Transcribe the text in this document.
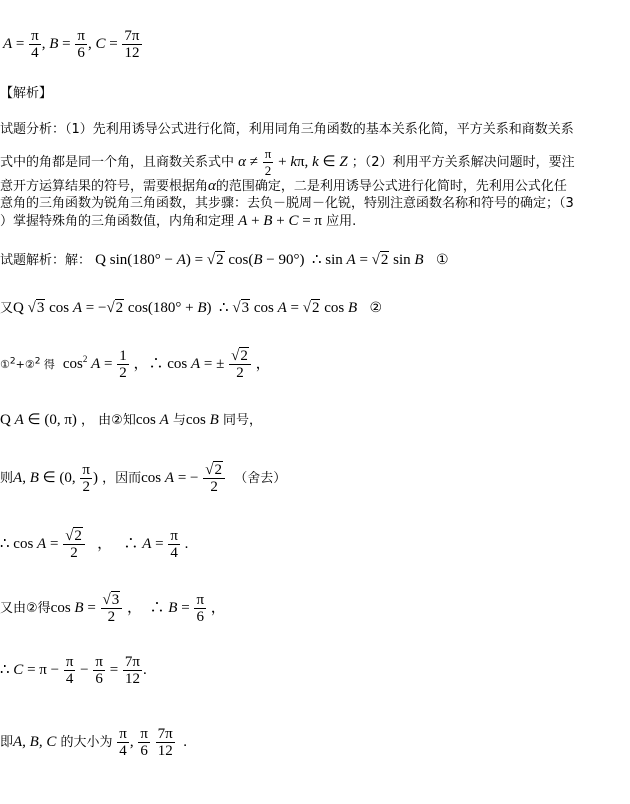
$A = \frac{\pi}{4}$ , $B = \frac{\pi}{6}$ , $C = \frac{7\pi}{12}$
【解析】
试题分析：（1）先利用诱导公式进行化简，利用同角三角函数的基本关系化简，平方关系和商数关系
式中的角都是同一个角，且商数关系式中 $\alpha \ne \frac{\pi}{2} + k\pi$, k ∈ Z ；（2）利用平方关系解决问题时，要注
意开方运算结果的符号，需要根据角α的范围确定，二是利用诱导公式进行化简时，先利用公式化任
意角的三角函数为锐角三角函数，其步骤：去负－脱周－化锐，特别注意函数名称和符号的确定；（3
）掌握特殊角的三角函数值，内角和定理 A + B + C = π 应用.
试题解析：解： Q sin(180° − A) = √2 cos(B − 90°)  ∴ sin A = √2 sin B ①
又Q √3 cos A = −√2 cos(180° + B)  ∴ √3 cos A = √2 cos B ②
①$^2$+②$^2$ 得  $\cos^2 A = \frac{1}{2}$ ，∴ cos A = ± $\frac{√2}{2}$ ，
Q A ∈ (0, π) ， 由②知cos A 与cos B 同号，
则A, B ∈ (0, $\frac{\pi}{2}$ ) ，因而cos A = − $\frac{√2}{2}$ （舍去）
∴ $\cos A = \frac{√2}{2}$ ，   ∴ $A = \frac{\pi}{4}$ .
又由②得$\cos B = \frac{√3}{2}$ ，  ∴ $B = \frac{\pi}{6}$ ，
∴ $C = \pi - \frac{\pi}{4} - \frac{\pi}{6} = \frac{7\pi}{12}$ .
即A, B, C 的大小为 $\frac{\pi}{4}$ , $\frac{\pi}{6}$
$\frac{7\pi}{12}$ .
